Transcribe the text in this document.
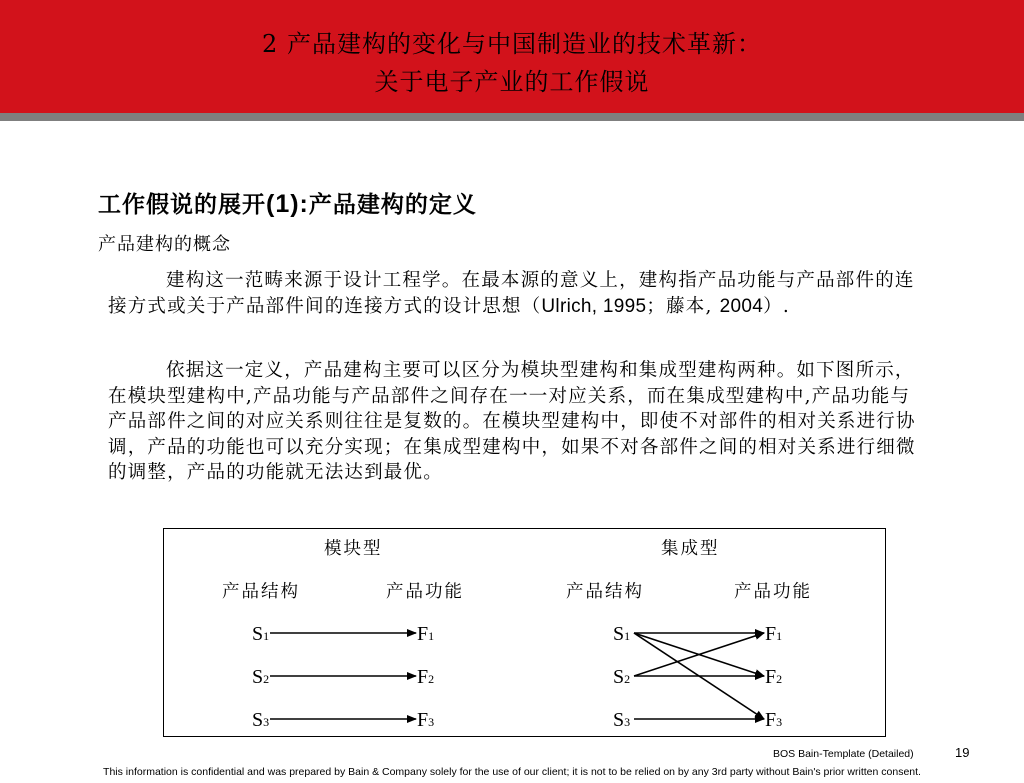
2 产品建构的变化与中国制造业的技术革新：
关于电子产业的工作假说
工作假说的展开(1):产品建构的定义
产品建构的概念
建构这一范畴来源于设计工程学。在最本源的意义上，建构指产品功能与产品部件的连接方式或关于产品部件间的连接方式的设计思想（Ulrich, 1995；藤本, 2004）.
依据这一定义，产品建构主要可以区分为模块型建构和集成型建构两种。如下图所示，在模块型建构中,产品功能与产品部件之间存在一一对应关系，而在集成型建构中,产品功能与产品部件之间的对应关系则往往是复数的。在模块型建构中，即使不对部件的相对关系进行协调，产品的功能也可以充分实现；在集成型建构中，如果不对各部件之间的相对关系进行细微的调整，产品的功能就无法达到最优。
模块型	集成型
产品结构	产品功能	产品结构	产品功能
S1
S2
S3
F1
F2
F3
S1
S2
S3
F1
F2
F3
BOS Bain-Template (Detailed)	19
This information is confidential and was prepared by Bain & Company solely for the use of our client; it is not to be relied on by any 3rd party without Bain's prior written consent.
